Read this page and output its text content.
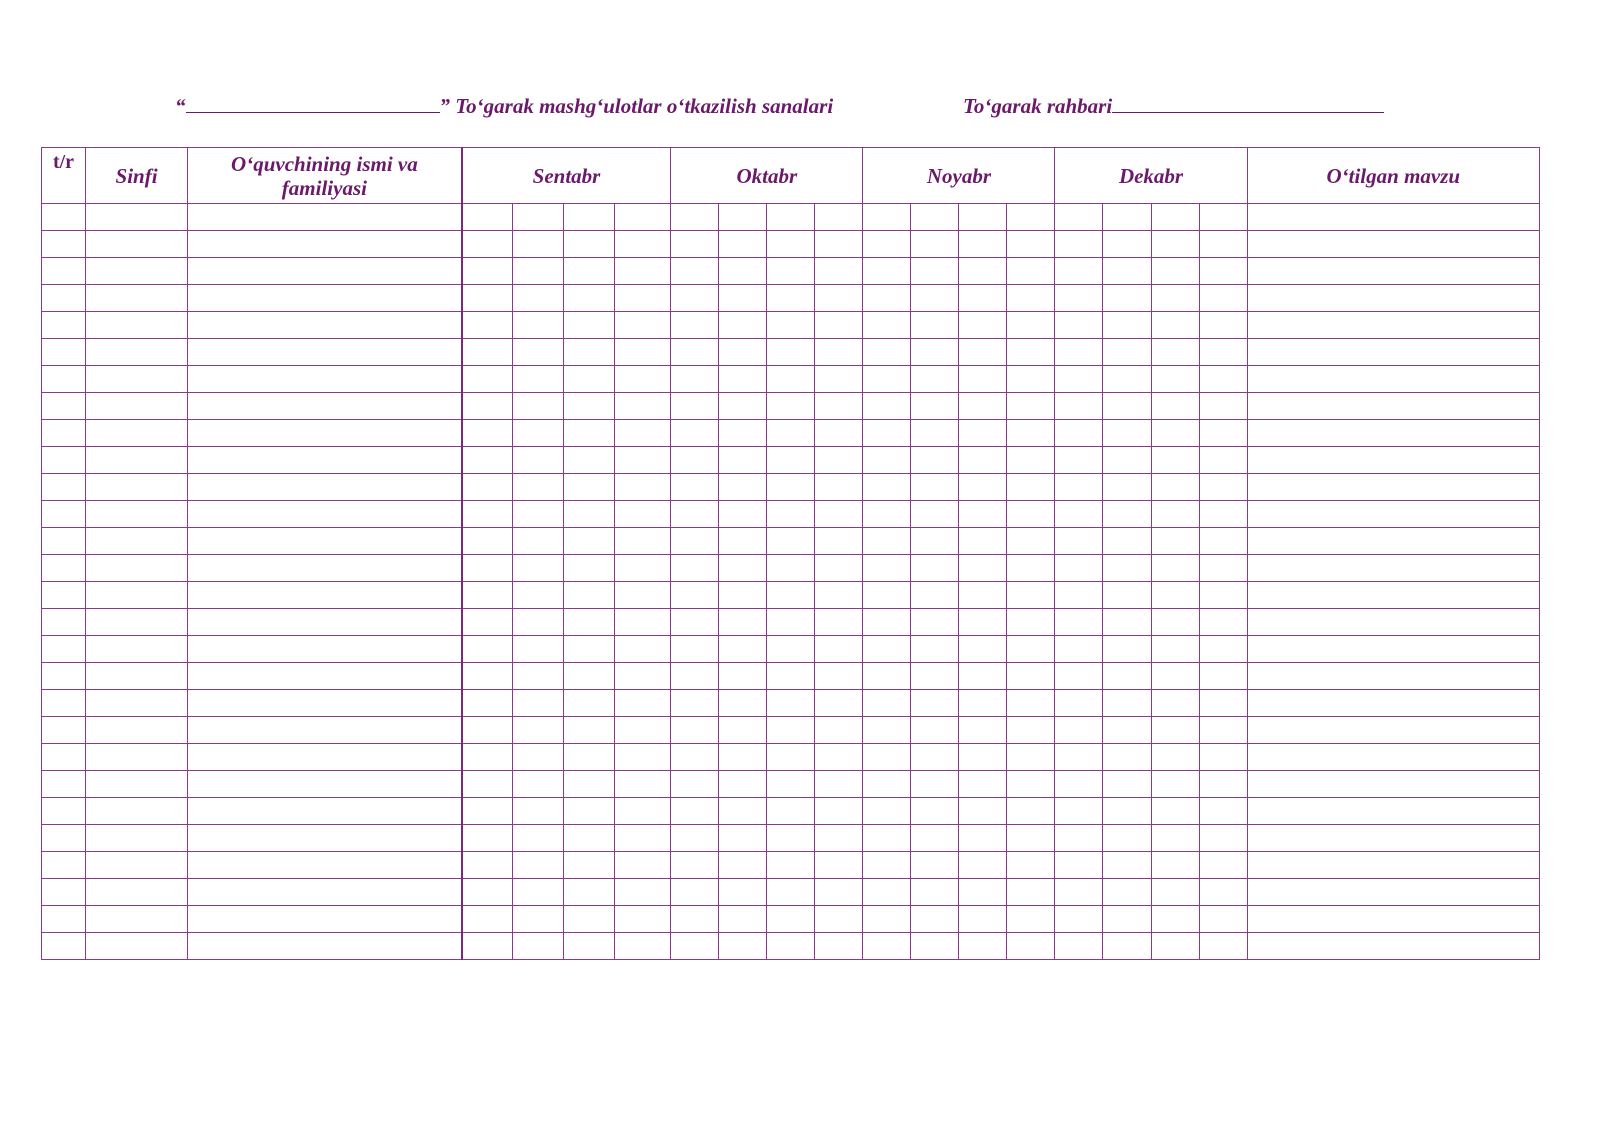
“	” To‘garak mashg‘ulotlar o‘tkazilish sanalari	To‘garak rahbari
t/r	Sinfi	O‘quvchining ismi va familiyasi	Sentabr				Oktabr				Noyabr				Dekabr				O‘tilgan mavzu
